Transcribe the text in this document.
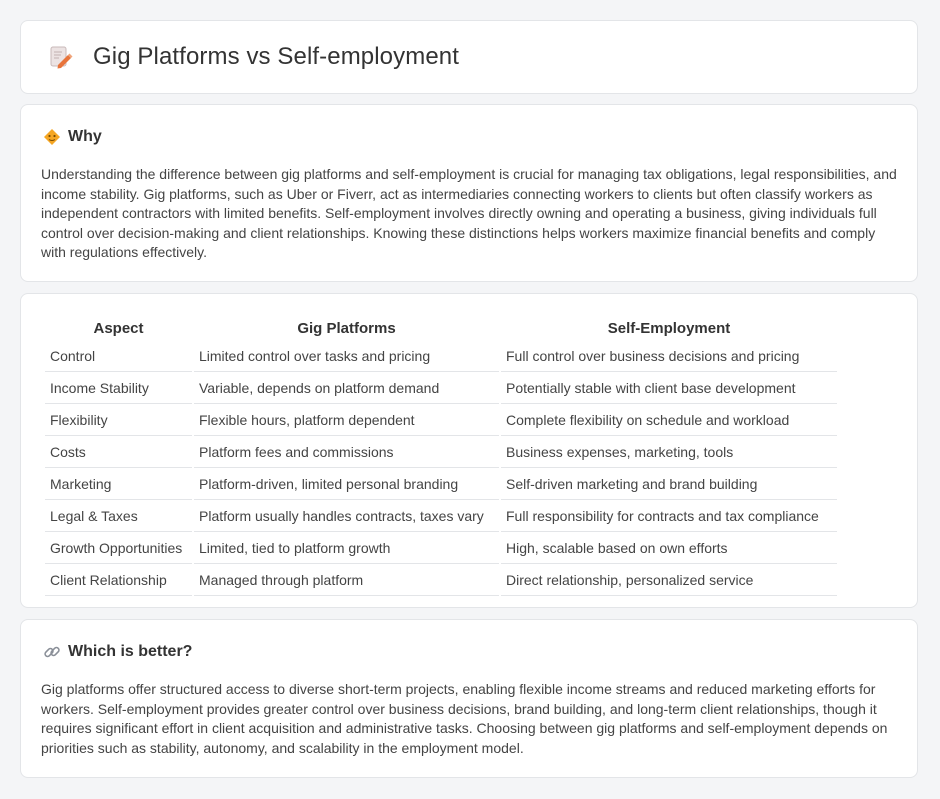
Gig Platforms vs Self-employment
Why
Understanding the difference between gig platforms and self-employment is crucial for managing tax obligations, legal responsibilities, and income stability. Gig platforms, such as Uber or Fiverr, act as intermediaries connecting workers to clients but often classify workers as independent contractors with limited benefits. Self-employment involves directly owning and operating a business, giving individuals full control over decision-making and client relationships. Knowing these distinctions helps workers maximize financial benefits and comply with regulations effectively.
Aspect	Gig Platforms	Self-Employment
Control	Limited control over tasks and pricing	Full control over business decisions and pricing
Income Stability	Variable, depends on platform demand	Potentially stable with client base development
Flexibility	Flexible hours, platform dependent	Complete flexibility on schedule and workload
Costs	Platform fees and commissions	Business expenses, marketing, tools
Marketing	Platform-driven, limited personal branding	Self-driven marketing and brand building
Legal & Taxes	Platform usually handles contracts, taxes vary	Full responsibility for contracts and tax compliance
Growth Opportunities	Limited, tied to platform growth	High, scalable based on own efforts
Client Relationship	Managed through platform	Direct relationship, personalized service
Which is better?
Gig platforms offer structured access to diverse short-term projects, enabling flexible income streams and reduced marketing efforts for workers. Self-employment provides greater control over business decisions, brand building, and long-term client relationships, though it requires significant effort in client acquisition and administrative tasks. Choosing between gig platforms and self-employment depends on priorities such as stability, autonomy, and scalability in the employment model.
